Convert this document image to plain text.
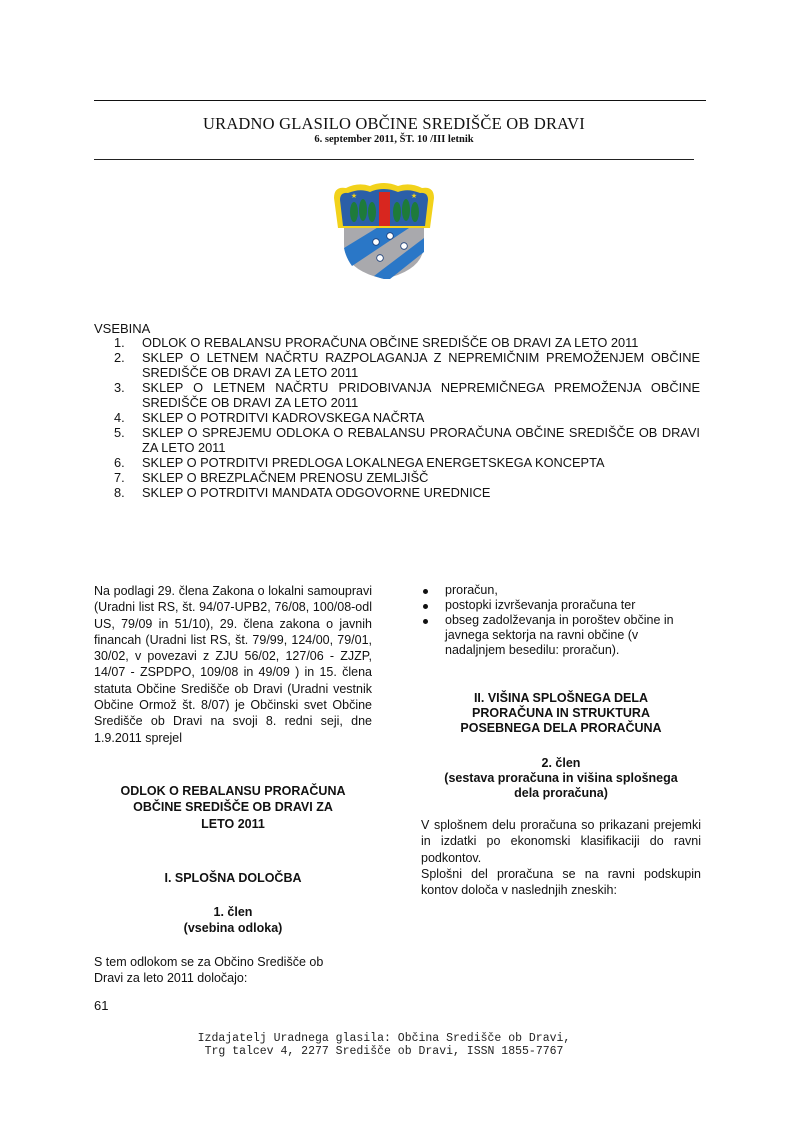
URADNO GLASILO OBČINE SREDIŠČE OB DRAVI
6. september 2011, ŠT. 10 /III letnik
★	★
VSEBINA
1.	ODLOK O REBALANSU PRORAČUNA OBČINE SREDIŠČE OB DRAVI ZA LETO 2011
2.	SKLEP O LETNEM NAČRTU RAZPOLAGANJA Z NEPREMIČNIM PREMOŽENJEM OBČINE SREDIŠČE OB DRAVI ZA LETO 2011
3.	SKLEP O LETNEM NAČRTU PRIDOBIVANJA NEPREMIČNEGA PREMOŽENJA OBČINE SREDIŠČE OB DRAVI ZA LETO 2011
4.	SKLEP O POTRDITVI KADROVSKEGA NAČRTA
5.	SKLEP O SPREJEMU ODLOKA O REBALANSU PRORAČUNA OBČINE SREDIŠČE OB DRAVI ZA LETO 2011
6.	SKLEP O POTRDITVI PREDLOGA LOKALNEGA ENERGETSKEGA KONCEPTA
7.	SKLEP O BREZPLAČNEM PRENOSU ZEMLJIŠČ
8.	SKLEP O POTRDITVI MANDATA ODGOVORNE UREDNICE

Na podlagi 29. člena Zakona o lokalni samoupravi (Uradni list RS, št. 94/07-UPB2, 76/08, 100/08-odl US, 79/09 in 51/10), 29. člena zakona o javnih financah (Uradni list RS, št. 79/99, 124/00, 79/01, 30/02, v povezavi z ZJU 56/02, 127/06 - ZJZP, 14/07 - ZSPDPO, 109/08 in 49/09 ) in 15. člena statuta Občine Središče ob Dravi (Uradni vestnik Občine Ormož št. 8/07) je Občinski svet Občine Središče ob Dravi na svoji 8. redni seji, dne 1.9.2011 sprejel

ODLOK O REBALANSU PRORAČUNA
OBČINE SREDIŠČE OB DRAVI ZA
LETO 2011
I. SPLOŠNA DOLOČBA
1. člen
(vsebina odloka)

S tem odlokom se za Občino Središče ob Dravi za leto 2011 določajo:

proračun,
postopki izvrševanja proračuna ter
obseg zadolževanja in poroštev občine in javnega sektorja na ravni občine (v nadaljnjem besedilu: proračun).
II. VIŠINA SPLOŠNEGA DELA
PRORAČUNA IN STRUKTURA
POSEBNEGA DELA PRORAČUNA
2. člen
(sestava proračuna in višina splošnega
dela proračuna)

V splošnem delu proračuna so prikazani prejemki in izdatki po ekonomski klasifikaciji do ravni podkontov.

Splošni del proračuna se na ravni podskupin kontov določa v naslednjih zneskih:

61
Izdajatelj Uradnega glasila: Občina Središče ob Dravi,
Trg talcev 4, 2277 Središče ob Dravi, ISSN 1855-7767
